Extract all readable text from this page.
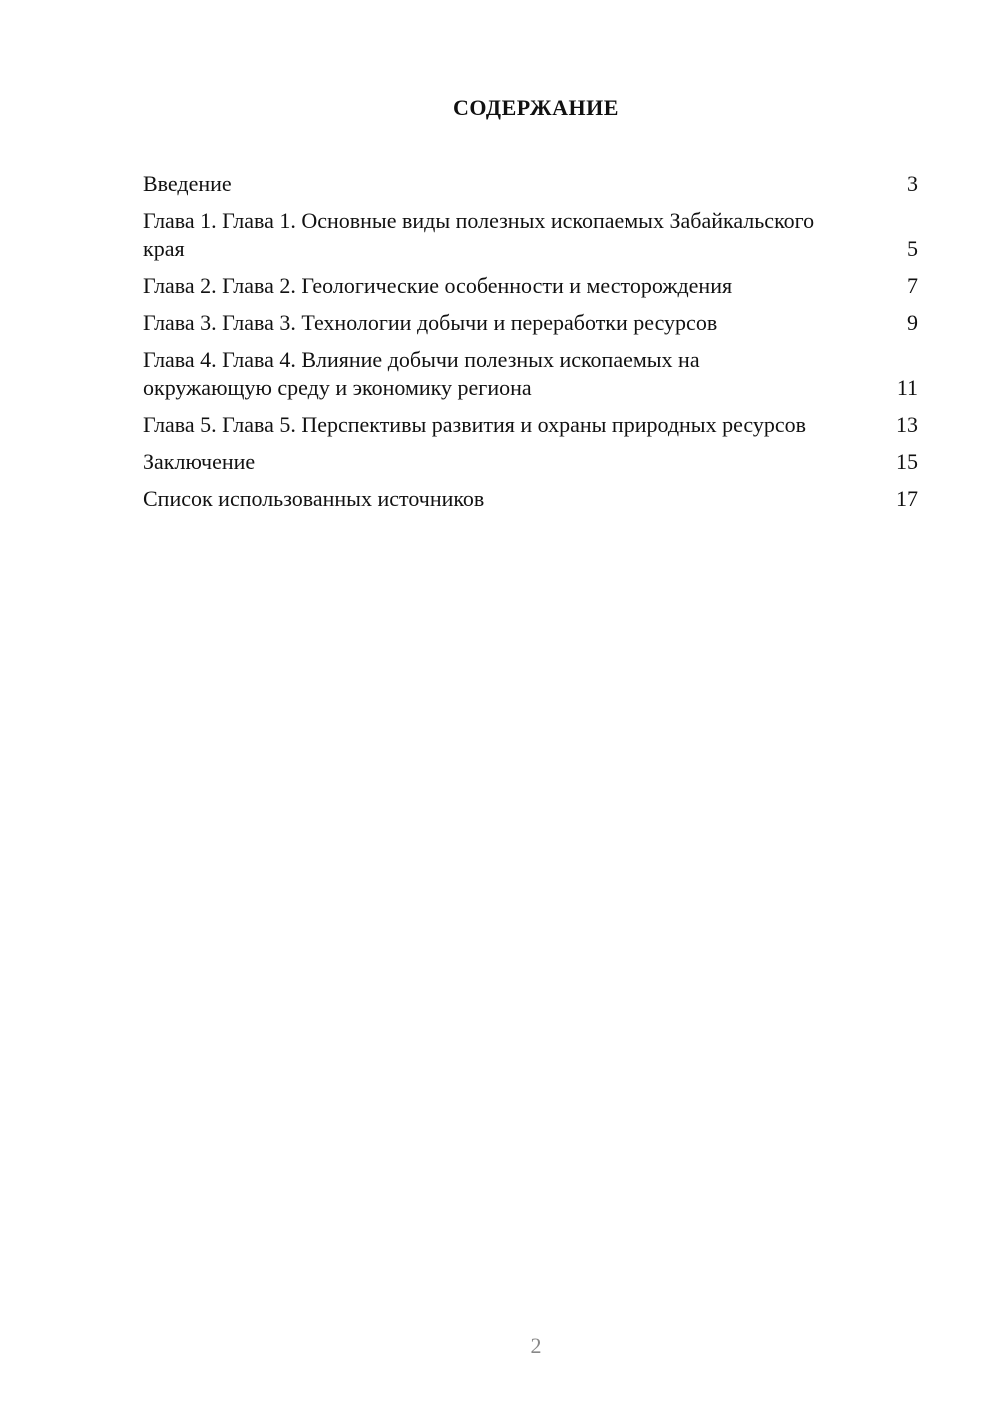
СОДЕРЖАНИЕ
Введение	3
Глава 1. Глава 1. Основные виды полезных ископаемых Забайкальского края	5
Глава 2. Глава 2. Геологические особенности и месторождения	7
Глава 3. Глава 3. Технологии добычи и переработки ресурсов	9
Глава 4. Глава 4. Влияние добычи полезных ископаемых на окружающую среду и экономику региона	11
Глава 5. Глава 5. Перспективы развития и охраны природных ресурсов	13
Заключение	15
Список использованных источников	17
2
